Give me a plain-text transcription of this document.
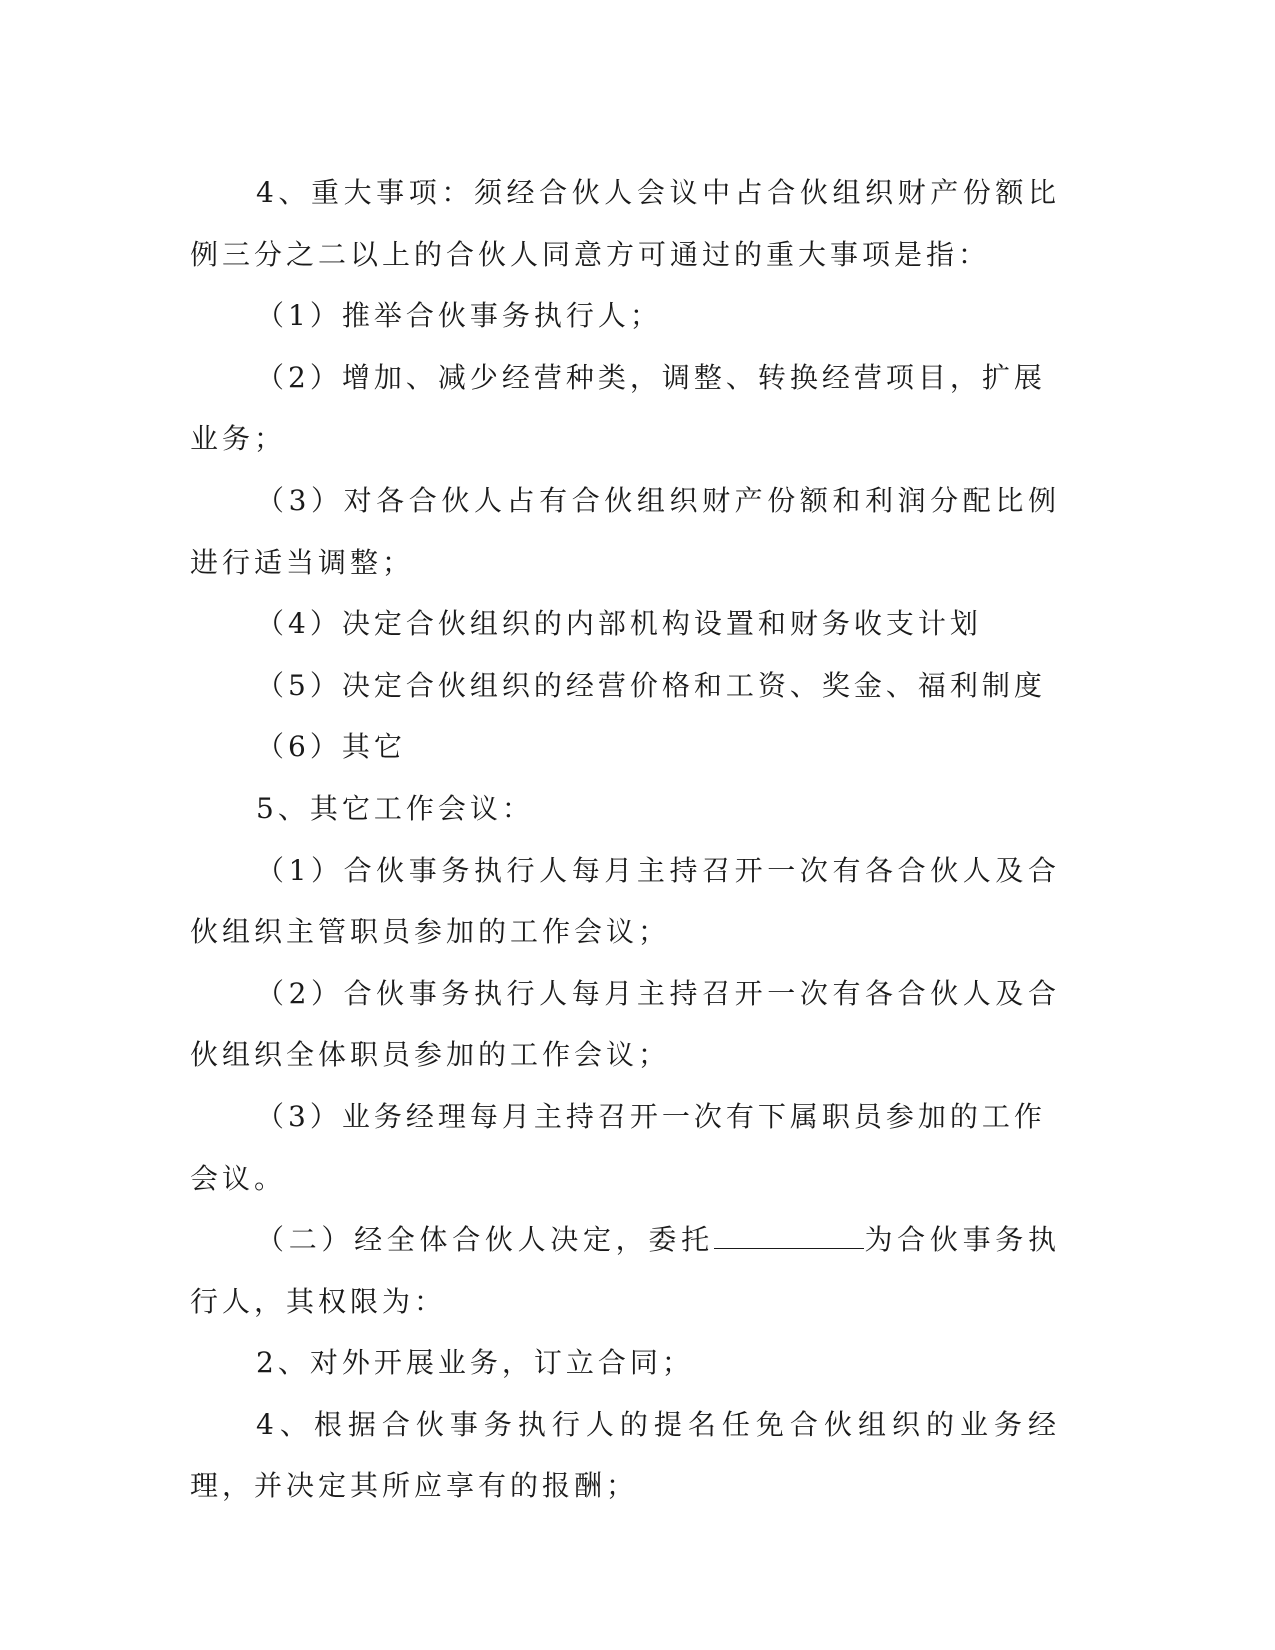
4、重大事项：须经合伙人会议中占合伙组织财产份额比例三分之二以上的合伙人同意方可通过的重大事项是指：

（1）推举合伙事务执行人；

（2）增加、减少经营种类，调整、转换经营项目，扩展业务；

（3）对各合伙人占有合伙组织财产份额和利润分配比例进行适当调整；

（4）决定合伙组织的内部机构设置和财务收支计划

（5）决定合伙组织的经营价格和工资、奖金、福利制度

（6）其它

5、其它工作会议：

（1）合伙事务执行人每月主持召开一次有各合伙人及合伙组织主管职员参加的工作会议；

（2）合伙事务执行人每月主持召开一次有各合伙人及合伙组织全体职员参加的工作会议；

（3）业务经理每月主持召开一次有下属职员参加的工作会议。

（二）经全体合伙人决定，委托	为合伙事务执行人，其权限为：

2、对外开展业务，订立合同；

4、根据合伙事务执行人的提名任免合伙组织的业务经理，并决定其所应享有的报酬；
